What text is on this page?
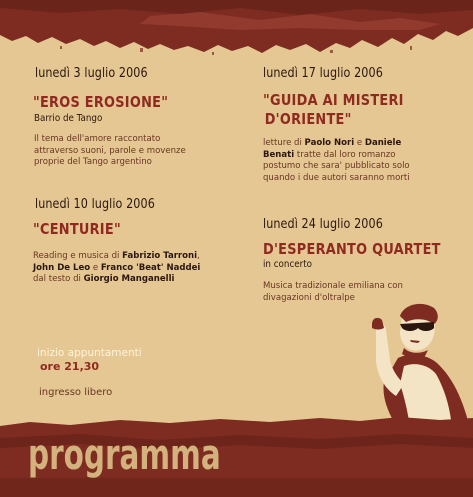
lunedì 3 luglio 2006
"EROS EROSIONE"
Barrio de Tango
Il tema dell'amore raccontato
attraverso suoni, parole e movenze
proprie del Tango argentino
lunedì 17 luglio 2006
"GUIDA AI MISTERI
D'ORIENTE"
letture di Paolo Nori e Daniele
Benati tratte dal loro romanzo
postumo che sara' pubblicato solo
quando i due autori saranno morti
lunedì 10 luglio 2006
"CENTURIE"
Reading e musica di Fabrizio Tarroni,
John De Leo e Franco 'Beat' Naddei
dal testo di Giorgio Manganelli
lunedì 24 luglio 2006
D'ESPERANTO QUARTET
in concerto
Musica tradizionale emiliana con
divagazioni d'oltralpe
inizio appuntamenti
ore 21,30
ingresso libero
programma
